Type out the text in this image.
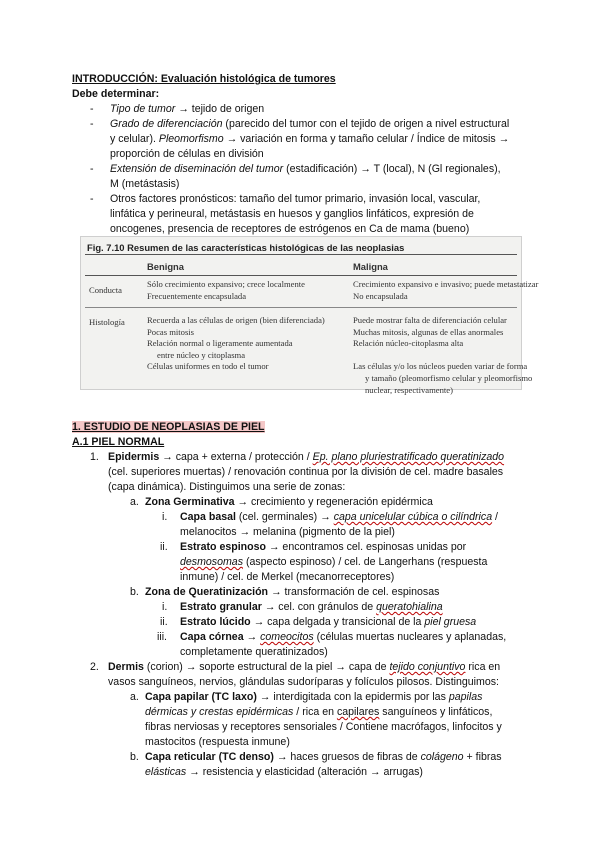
INTRODUCCIÓN: Evaluación histológica de tumores
Debe determinar:
- Tipo de tumor → tejido de origen
- Grado de diferenciación (parecido del tumor con el tejido de origen a nivel estructural
y celular). Pleomorfismo → variación en forma y tamaño celular / Índice de mitosis →
proporción de células en división
- Extensión de diseminación del tumor (estadificación) → T (local), N (Gl regionales),
M (metástasis)
- Otros factores pronósticos: tamaño del tumor primario, invasión local, vascular,
linfática y perineural, metástasis en huesos y ganglios linfáticos, expresión de
oncogenes, presencia de receptores de estrógenos en Ca de mama (bueno)
Fig. 7.10 Resumen de las características histológicas de las neoplasias
Benigna	Maligna
Conducta
Sólo crecimiento expansivo; crece localmente
Frecuentemente encapsulada
Crecimiento expansivo e invasivo; puede metastatizar
No encapsulada
Histología	Recuerda a las células de origen (bien diferenciada)
Pocas mitosis
Relación normal o ligeramente aumentada
entre núcleo y citoplasma
Células uniformes en todo el tumor
Puede mostrar falta de diferenciación celular
Muchas mitosis, algunas de ellas anormales
Relación núcleo-citoplasma alta
Las células y/o los núcleos pueden variar de forma
y tamaño (pleomorfismo celular y pleomorfismo
nuclear, respectivamente)
1. ESTUDIO DE NEOPLASIAS DE PIEL
A.1 PIEL NORMAL
1. Epidermis → capa + externa / protección / Ep. plano pluriestratificado queratinizado
(cel. superiores muertas) / renovación continua por la división de cel. madre basales
(capa dinámica). Distinguimos una serie de zonas:
a. Zona Germinativa → crecimiento y regeneración epidérmica
i. Capa basal (cel. germinales) → capa unicelular cúbica o cilíndrica /
melanocitos → melanina (pigmento de la piel)
ii. Estrato espinoso → encontramos cel. espinosas unidas por
desmosomas (aspecto espinoso) / cel. de Langerhans (respuesta
inmune) / cel. de Merkel (mecanorreceptores)
b. Zona de Queratinización → transformación de cel. espinosas
i. Estrato granular → cel. con gránulos de queratohialina
ii. Estrato lúcido → capa delgada y transicional de la piel gruesa
iii. Capa córnea → comeocitos (células muertas nucleares y aplanadas,
completamente queratinizados)
2. Dermis (corion) → soporte estructural de la piel → capa de tejido conjuntivo rica en
vasos sanguíneos, nervios, glándulas sudoríparas y folículos pilosos. Distinguimos:
a. Capa papilar (TC laxo) → interdigitada con la epidermis por las papilas
dérmicas y crestas epidérmicas / rica en capilares sanguíneos y linfáticos,
fibras nerviosas y receptores sensoriales / Contiene macrófagos, linfocitos y
mastocitos (respuesta inmune)
b. Capa reticular (TC denso) → haces gruesos de fibras de colágeno + fibras
elásticas → resistencia y elasticidad (alteración → arrugas)
